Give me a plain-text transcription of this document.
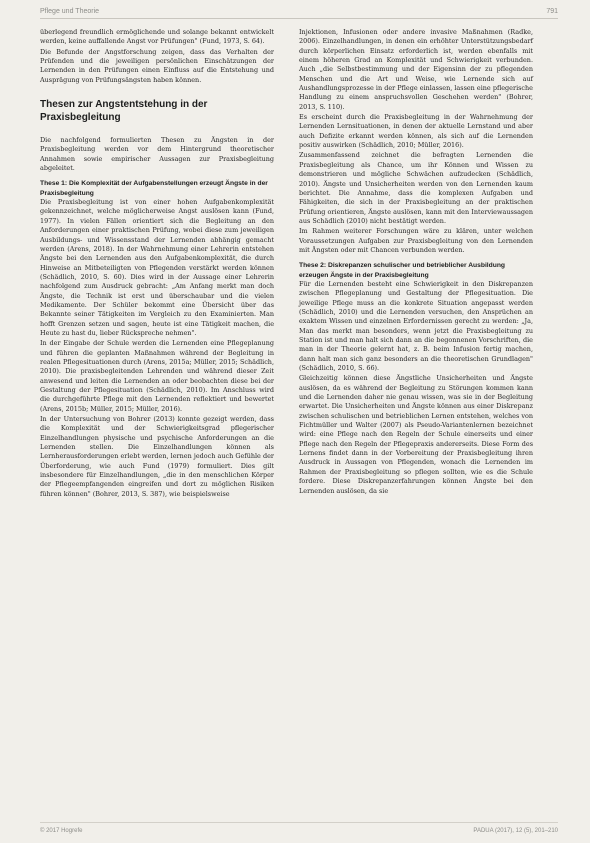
Pflege und Theorie	791

überlegend freundlich ermöglichende und solange bekannt entwickelt werden, keine auffallende Angst vor Prüfungen" (Fund, 1973, S. 64).

Die Befunde der Angstforschung zeigen, dass das Verhalten der Prüfenden und die jeweiligen persönlichen Einschätzungen der Lernenden in den Prüfungen einen Einfluss auf die Entstehung und Ausprägung von Prüfungsängsten haben können.

Thesen zur Angstentstehung in der Praxisbegleitung

Die nachfolgend formulierten Thesen zu Ängsten in der Praxisbegleitung werden vor dem Hintergrund theoretischer Annahmen sowie empirischer Aussagen zur Praxisbegleitung abgeleitet.

These 1: Die Komplexität der Aufgabenstellungen erzeugt Ängste in der Praxisbegleitung

Die Praxisbegleitung ist von einer hohen Aufgabenkomplexität gekennzeichnet, welche möglicherweise Angst auslösen kann (Fund, 1977). In vielen Fällen orientiert sich die Begleitung an den Anforderungen einer praktischen Prüfung, wobei diese zum jeweiligen Ausbildungs- und Wissensstand der Lernenden abhängig gemacht werden (Arens, 2018). In der Wahrnehmung einer Lehrerin entstehen Ängste bei den Lernenden aus den Aufgabenkomplexität, die durch Hinweise an Mitbeteiligten von Pflegenden verstärkt werden können (Schädlich, 2010, S. 60). Dies wird in der Aussage einer Lehrerin nachfolgend zum Ausdruck gebracht: „Am Anfang merkt man doch Ängste, die Technik ist erst und überschaubar und die vielen Medikamente. Der Schüler bekommt eine Übersicht über das Bekannte seiner Tätigkeiten im Vergleich zu den Examinierten. Man hofft Grenzen setzen und sagen, heute ist eine Tätigkeit machen, die Heute zu hast du, lieber Rückspreche nehmen".

In der Eingabe der Schule werden die Lernenden eine Pflegeplanung und führen die geplanten Maßnahmen während der Begleitung in realen Pflegesituationen durch (Arens, 2015a; Müller, 2015; Schädlich, 2010). Die praxisbegleitenden Lehrenden und während dieser Zeit anwesend und leiten die Lernenden an oder beobachten diese bei der Gestaltung der Pflegesituation (Schädlich, 2010). Im Anschluss wird die durchgeführte Pflege mit den Lernenden reflektiert und bewertet (Arens, 2015b; Müller, 2015; Müller, 2016).

In der Untersuchung von Bohrer (2013) konnte gezeigt werden, dass die Komplexität und der Schwierigkeitsgrad pflegerischer Einzelhandlungen physische und psychische Anforderungen an die Lernenden stellen. Die Einzelhandlungen können als Lernherausforderungen erlebt werden, lernen jedoch auch Gefühle der Überforderung, wie auch Fund (1979) formuliert. Dies gilt insbesondere für Einzelhandlungen, „die in den menschlichen Körper der Pflegeempfangenden eingreifen und dort zu möglichen Risiken führen können" (Bohrer, 2013, S. 387), wie beispielsweise

Injektionen, Infusionen oder andere invasive Maßnahmen (Radke, 2006). Einzelhandlungen, in denen ein erhöhter Unterstützungsbedarf durch körperlichen Einsatz erforderlich ist, werden ebenfalls mit einem höheren Grad an Komplexität und Schwierigkeit verbunden. Auch „die Selbstbestimmung und der Eigensinn der zu pflegenden Menschen und die Art und Weise, wie Lernende sich auf Aushandlungsprozesse in der Pflege einlassen, lassen eine pflegerische Handlung zu einem anspruchsvollen Geschehen werden" (Bohrer, 2013, S. 110).

Es erscheint durch die Praxisbegleitung in der Wahrnehmung der Lernenden Lernsituationen, in denen der aktuelle Lernstand und aber auch Defizite erkannt werden können, als sich auf die Lernenden positiv auswirken (Schädlich, 2010; Müller, 2016).

Zusammenfassend zeichnet die befragten Lernenden die Praxisbegleitung als Chance, um ihr Können und Wissen zu demonstrieren und mögliche Schwächen aufzudecken (Schädlich, 2010). Ängste und Unsicherheiten werden von den Lernenden kaum berichtet. Die Annahme, dass die komplexen Aufgaben und Fähigkeiten, die sich in der Praxisbegleitung an der praktischen Prüfung orientieren, Ängste auslösen, kann mit den Interviewaussagen aus Schädlich (2010) nicht bestätigt werden.

Im Rahmen weiterer Forschungen wäre zu klären, unter welchen Voraussetzungen Aufgaben zur Praxisbegleitung von den Lernenden mit Ängsten oder mit Chancen verbunden werden.

These 2: Diskrepanzen schulischer und betrieblicher Ausbildung erzeugen Ängste in der Praxisbegleitung

Für die Lernenden besteht eine Schwierigkeit in den Diskrepanzen zwischen Pflegeplanung und Gestaltung der Pflegesituation. Die jeweilige Pflege muss an die konkrete Situation angepasst werden (Schädlich, 2010) und die Lernenden versuchen, den Ansprüchen an exaktem Wissen und einzelnen Erfordernissen gerecht zu werden: „Ja, Man das merkt man besonders, wenn jetzt die Praxisbegleitung zu Station ist und man halt sich dann an die begonnenen Vorschriften, die man in der Theorie gelernt hat, z. B. beim Infusion fertig machen, dann halt man sich ganz besonders an die theoretischen Grundlagen" (Schädlich, 2010, S. 66).

Gleichzeitig können diese Ängstliche Unsicherheiten und Ängste auslösen, da es während der Begleitung zu Störungen kommen kann und die Lernenden daher nie genau wissen, was sie in der Begleitung erwartet. Die Unsicherheiten und Ängste können aus einer Diskrepanz zwischen schulischen und betrieblichen Lernen entstehen, welches von Fichtmüller und Walter (2007) als Pseudo-Variantenlernen bezeichnet wird: eine Pflege nach den Regeln der Schule einerseits und einer Pflege nach den Regeln der Pflegepraxis andererseits. Diese Form des Lernens findet dann in der Vorbereitung der Praxisbegleitung ihren Ausdruck in Aussagen von Pflegenden, wonach die Lernenden im Rahmen der Praxisbegleitung so pflegen sollten, wie es die Schule fordere. Diese Diskrepanzerfahrungen können Ängste bei den Lernenden auslösen, da sie

© 2017 Hogrefe	PADUA (2017), 12 (5), 201–210
